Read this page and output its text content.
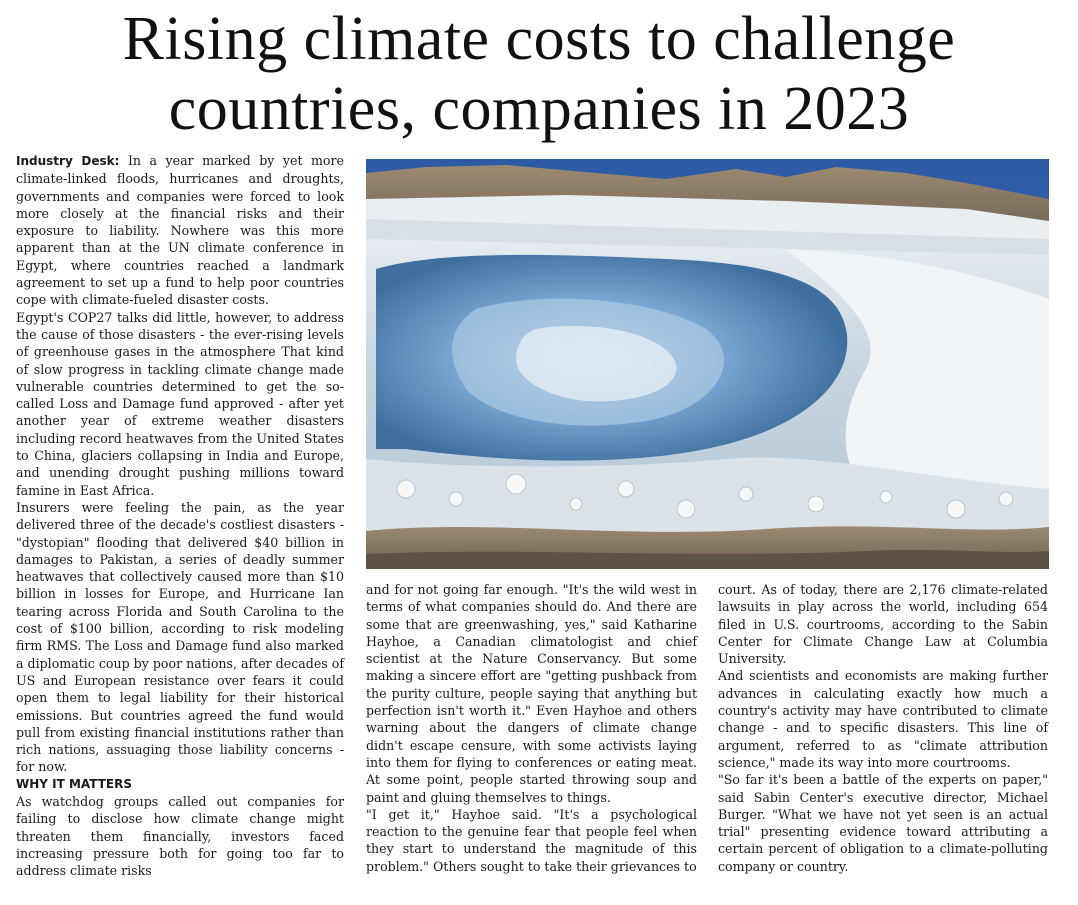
Rising climate costs to challenge countries, companies in 2023

Industry Desk: In a year marked by yet more climate-linked floods, hurricanes and droughts, governments and companies were forced to look more closely at the financial risks and their exposure to liability. Nowhere was this more apparent than at the UN climate conference in Egypt, where countries reached a landmark agreement to set up a fund to help poor countries cope with climate-fueled disaster costs.

Egypt's COP27 talks did little, however, to address the cause of those disasters - the ever-rising levels of greenhouse gases in the atmosphere That kind of slow progress in tackling climate change made vulnerable countries determined to get the so-called Loss and Damage fund approved - after yet another year of extreme weather disasters including record heatwaves from the United States to China, glaciers collapsing in India and Europe, and unending drought pushing millions toward famine in East Africa.

Insurers were feeling the pain, as the year delivered three of the decade's costliest disasters - "dystopian" flooding that delivered $40 billion in damages to Pakistan, a series of deadly summer heatwaves that collectively caused more than $10 billion in losses for Europe, and Hurricane Ian tearing across Florida and South Carolina to the cost of $100 billion, according to risk modeling firm RMS. The Loss and Damage fund also marked a diplomatic coup by poor nations, after decades of US and European resistance over fears it could open them to legal liability for their historical emissions. But countries agreed the fund would pull from existing financial institutions rather than rich nations, assuaging those liability concerns - for now.

WHY IT MATTERS

As watchdog groups called out companies for failing to disclose how climate change might threaten them financially, investors faced increasing pressure both for going too far to address climate risks

and for not going far enough. "It's the wild west in terms of what companies should do. And there are some that are greenwashing, yes," said Katharine Hayhoe, a Canadian climatologist and chief scientist at the Nature Conservancy. But some making a sincere effort are "getting pushback from the purity culture, people saying that anything but perfection isn't worth it." Even Hayhoe and others warning about the dangers of climate change didn't escape censure, with some activists laying into them for flying to conferences or eating meat. At some point, people started throwing soup and paint and gluing themselves to things.

"I get it," Hayhoe said. "It's a psychological reaction to the genuine fear that people feel when they start to understand the magnitude of this problem." Others sought to take their grievances to

court. As of today, there are 2,176 climate-related lawsuits in play across the world, including 654 filed in U.S. courtrooms, according to the Sabin Center for Climate Change Law at Columbia University.

And scientists and economists are making further advances in calculating exactly how much a country's activity may have contributed to climate change - and to specific disasters. This line of argument, referred to as "climate attribution science," made its way into more courtrooms.

"So far it's been a battle of the experts on paper," said Sabin Center's executive director, Michael Burger. "What we have not yet seen is an actual trial" presenting evidence toward attributing a certain percent of obligation to a climate-polluting company or country.
